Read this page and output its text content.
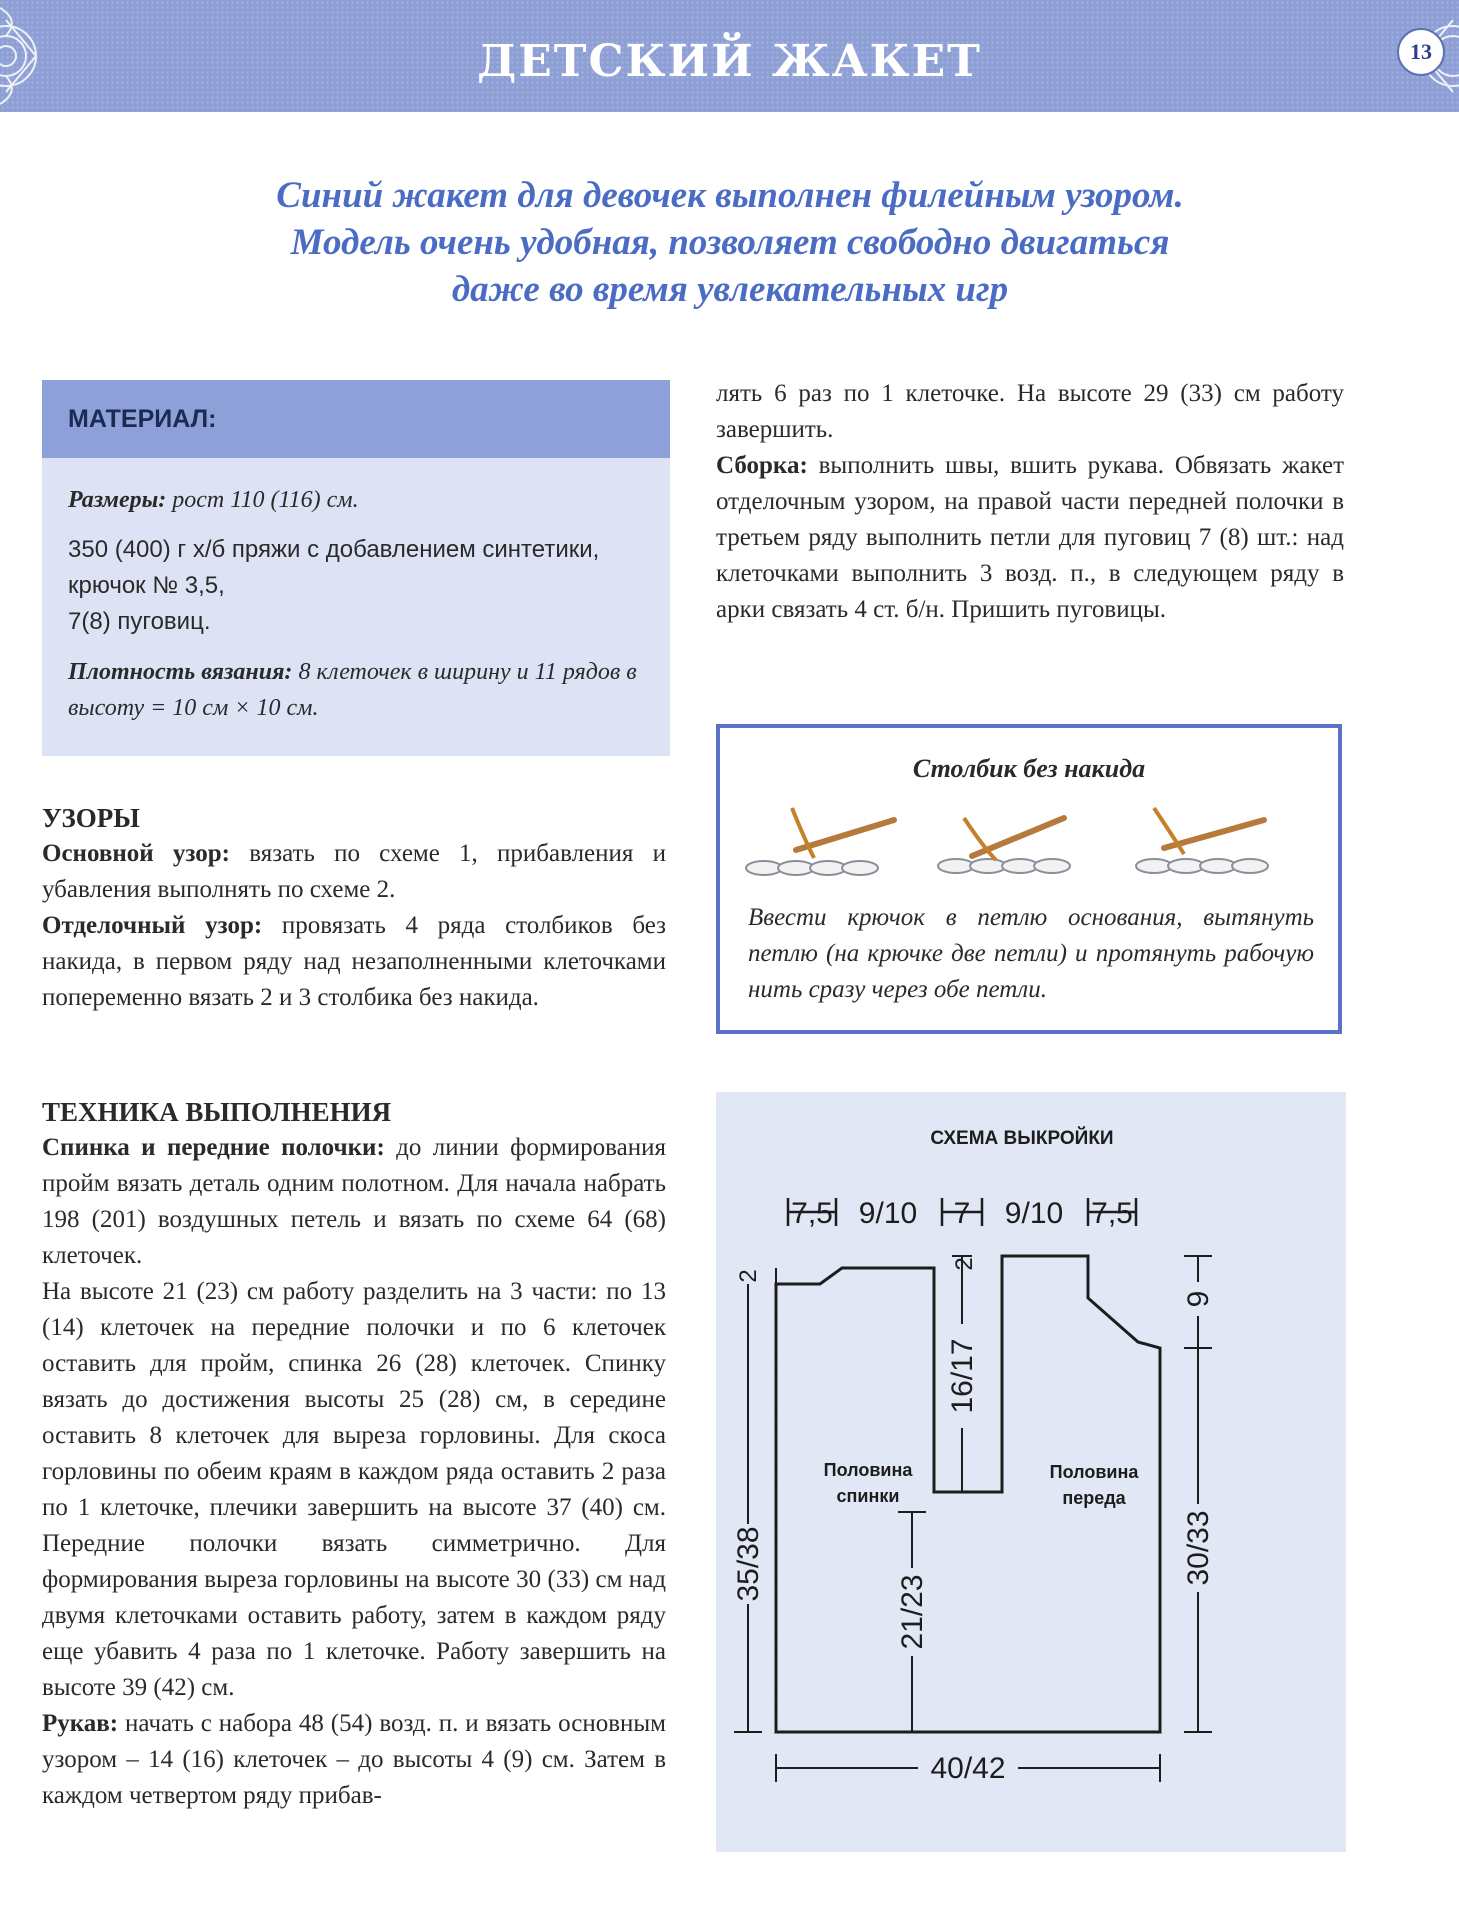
ДЕТСКИЙ ЖАКЕТ	13
Синий жакет для девочек выполнен филейным узором.
Модель очень удобная, позволяет свободно двигаться
даже во время увлекательных игр
МАТЕРИАЛ:
Размеры: рост 110 (116) см.
350 (400) г х/б пряжи с добавлением синтетики,
крючок № 3,5,
7(8) пуговиц.
Плотность вязания: 8 клеточек в ширину и 11 рядов в высоту = 10 см × 10 см.

УЗОРЫ

Основной узор: вязать по схеме 1, прибавления и убавления выполнять по схеме 2.

Отделочный узор: провязать 4 ряда столбиков без накида, в первом ряду над незаполненными клеточками попеременно вязать 2 и 3 столбика без накида.

ТЕХНИКА ВЫПОЛНЕНИЯ

Спинка и передние полочки: до линии формирования пройм вязать деталь одним полотном. Для начала набрать 198 (201) воздушных петель и вязать по схеме 64 (68) клеточек.

На высоте 21 (23) см работу разделить на 3 части: по 13 (14) клеточек на передние полочки и по 6 клеточек оставить для пройм, спинка 26 (28) клеточек. Спинку вязать до достижения высоты 25 (28) см, в середине оставить 8 клеточек для выреза горловины. Для скоса горловины по обеим краям в каждом ряда оставить 2 раза по 1 клеточке, плечики завершить на высоте 37 (40) см. Передние полочки вязать симметрично. Для формирования выреза горловины на высоте 30 (33) см над двумя клеточками оставить работу, затем в каждом ряду еще убавить 4 раза по 1 клеточке. Работу завершить на высоте 39 (42) см.

Рукав: начать с набора 48 (54) возд. п. и вязать основным узором – 14 (16) клеточек – до высоты 4 (9) см. Затем в каждом четвертом ряду прибав-

лять 6 раз по 1 клеточке. На высоте 29 (33) см работу завершить.

Сборка: выполнить швы, вшить рукава. Обвязать жакет отделочным узором, на правой части передней полочки в третьем ряду выполнить петли для пуговиц 7 (8) шт.: над клеточками выполнить 3 возд. п., в следующем ряду в арки связать 4 ст. б/н. Пришить пуговицы.

Столбик без накида
Ввести крючок в петлю основания, вытянуть петлю (на крючке две петли) и протянуть рабочую нить сразу через обе петли.
СХЕМА ВЫКРОЙКИ
7,5 9/10 7 9/10 7,5
35/38
2
2
16/17
21/23
9
30/33
40/42
Половина
спинки
Половина
переда
